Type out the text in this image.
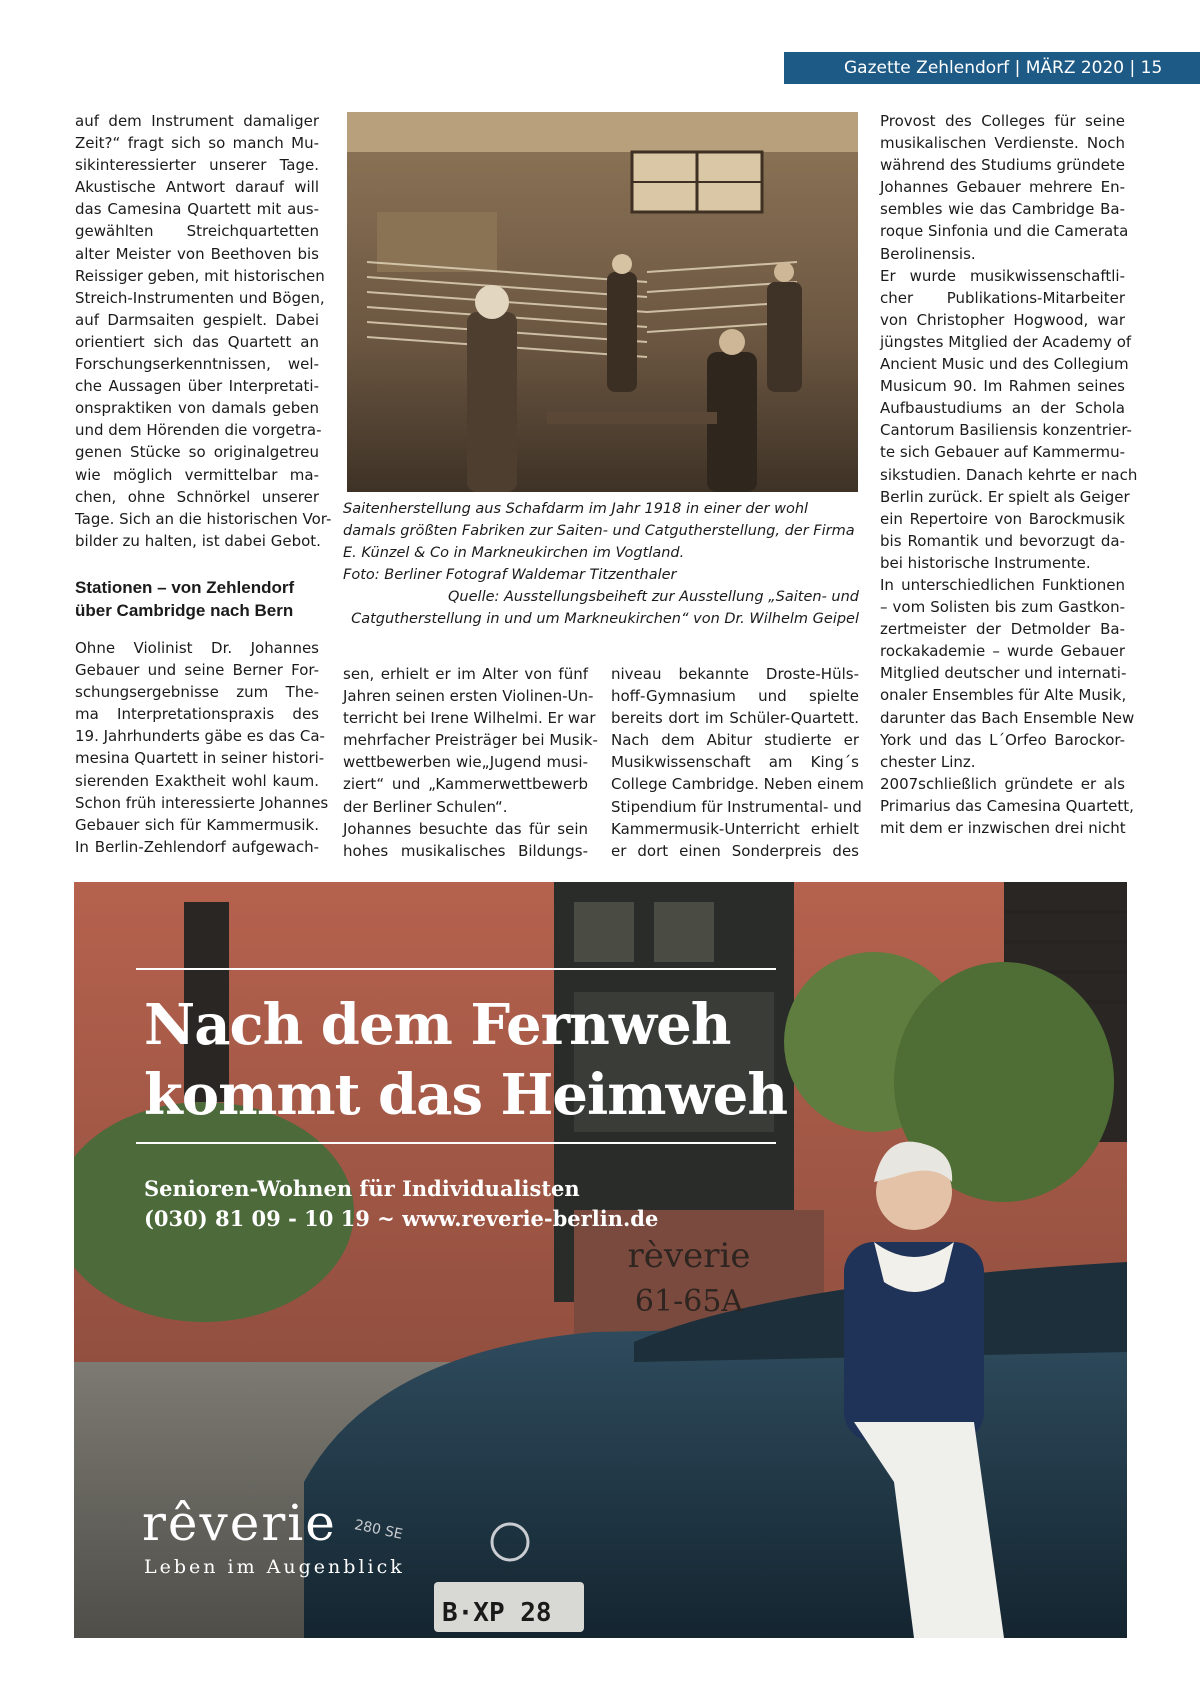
Gazette Zehlendorf | MÄRZ 2020 | 15
auf dem Instrument damaliger
Zeit?“ fragt sich so manch Mu-
sikinteressierter unserer Tage.
Akustische Antwort darauf will
das Camesina Quartett mit aus-
gewählten Streichquartetten
alter Meister von Beethoven bis
Reissiger geben, mit historischen
Streich-Instrumenten und Bögen,
auf Darmsaiten gespielt. Dabei
orientiert sich das Quartett an
Forschungserkenntnissen, wel-
che Aussagen über Interpretati-
onspraktiken von damals geben
und dem Hörenden die vorgetra-
genen Stücke so originalgetreu
wie möglich vermittelbar ma-
chen, ohne Schnörkel unserer
Tage. Sich an die historischen Vor-
bilder zu halten, ist dabei Gebot.
Stationen – von Zehlendorf
über Cambridge nach Bern
Ohne Violinist Dr. Johannes
Gebauer und seine Berner For-
schungsergebnisse zum The-
ma Interpretationspraxis des
19. Jahrhunderts gäbe es das Ca-
mesina Quartett in seiner histori-
sierenden Exaktheit wohl kaum.
Schon früh interessierte Johannes
Gebauer sich für Kammermusik.
In Berlin-Zehlendorf aufgewach-
Saitenherstellung aus Schafdarm im Jahr 1918 in einer der wohl
damals größten Fabriken zur Saiten- und Catgutherstellung, der Firma
E. Künzel & Co in Markneukirchen im Vogtland.
Foto: Berliner Fotograf Waldemar Titzenthaler
Quelle: Ausstellungsbeiheft zur Ausstellung „Saiten- und
Catgutherstellung in und um Markneukirchen“ von Dr. Wilhelm Geipel
sen, erhielt er im Alter von fünf
Jahren seinen ersten Violinen-Un-
terricht bei Irene Wilhelmi. Er war
mehrfacher Preisträger bei Musik-
wettbewerben wie„Jugend musi-
ziert“ und „Kammerwettbewerb
der Berliner Schulen“.
Johannes besuchte das für sein
hohes musikalisches Bildungs-
niveau bekannte Droste-Hüls-
hoff-Gymnasium und spielte
bereits dort im Schüler-Quartett.
Nach dem Abitur studierte er
Musikwissenschaft am King´s
College Cambridge. Neben einem
Stipendium für Instrumental- und
Kammermusik-Unterricht erhielt
er dort einen Sonderpreis des
Provost des Colleges für seine
musikalischen Verdienste. Noch
während des Studiums gründete
Johannes Gebauer mehrere En-
sembles wie das Cambridge Ba-
roque Sinfonia und die Camerata
Berolinensis.
Er wurde musikwissenschaftli-
cher Publikations-Mitarbeiter
von Christopher Hogwood, war
jüngstes Mitglied der Academy of
Ancient Music und des Collegium
Musicum 90. Im Rahmen seines
Aufbaustudiums an der Schola
Cantorum Basiliensis konzentrier-
te sich Gebauer auf Kammermu-
sikstudien. Danach kehrte er nach
Berlin zurück. Er spielt als Geiger
ein Repertoire von Barockmusik
bis Romantik und bevorzugt da-
bei historische Instrumente.
In unterschiedlichen Funktionen
– vom Solisten bis zum Gastkon-
zertmeister der Detmolder Ba-
rockakademie – wurde Gebauer
Mitglied deutscher und internati-
onaler Ensembles für Alte Musik,
darunter das Bach Ensemble New
York und das L´Orfeo Barockor-
chester Linz.
2007schließlich gründete er als
Primarius das Camesina Quartett,
mit dem er inzwischen drei nicht
Nach dem Fernweh
kommt das Heimweh
Senioren-Wohnen für Individualisten
(030) 81 09 - 10 19 ~ www.reverie-berlin.de
rèverie
61-65A
280 SE
B·XP 28
rêverie
Leben im Augenblick
